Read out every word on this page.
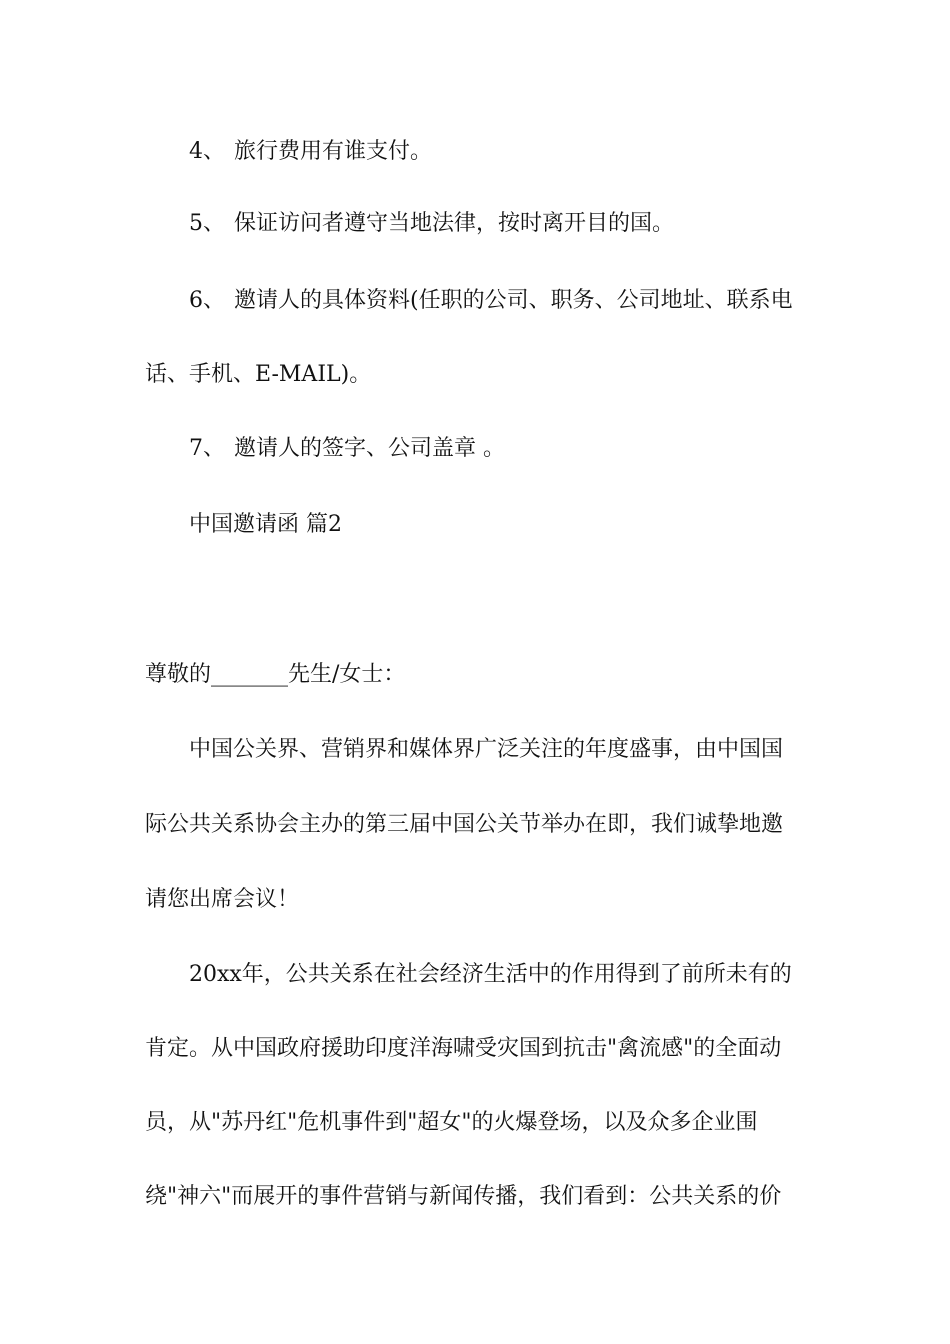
4、 旅行费用有谁支付。
5、 保证访问者遵守当地法律，按时离开目的国。
6、 邀请人的具体资料(任职的公司、职务、公司地址、联系电
话、手机、E-MAIL)。
7、 邀请人的签字、公司盖章 。
中国邀请函 篇2
尊敬的_______先生/女士：
中国公关界、营销界和媒体界广泛关注的年度盛事，由中国国
际公共关系协会主办的第三届中国公关节举办在即，我们诚挚地邀
请您出席会议！
20xx年，公共关系在社会经济生活中的作用得到了前所未有的
肯定。从中国政府援助印度洋海啸受灾国到抗击"禽流感"的全面动
员，从"苏丹红"危机事件到"超女"的火爆登场，以及众多企业围
绕"神六"而展开的事件营销与新闻传播，我们看到：公共关系的价
